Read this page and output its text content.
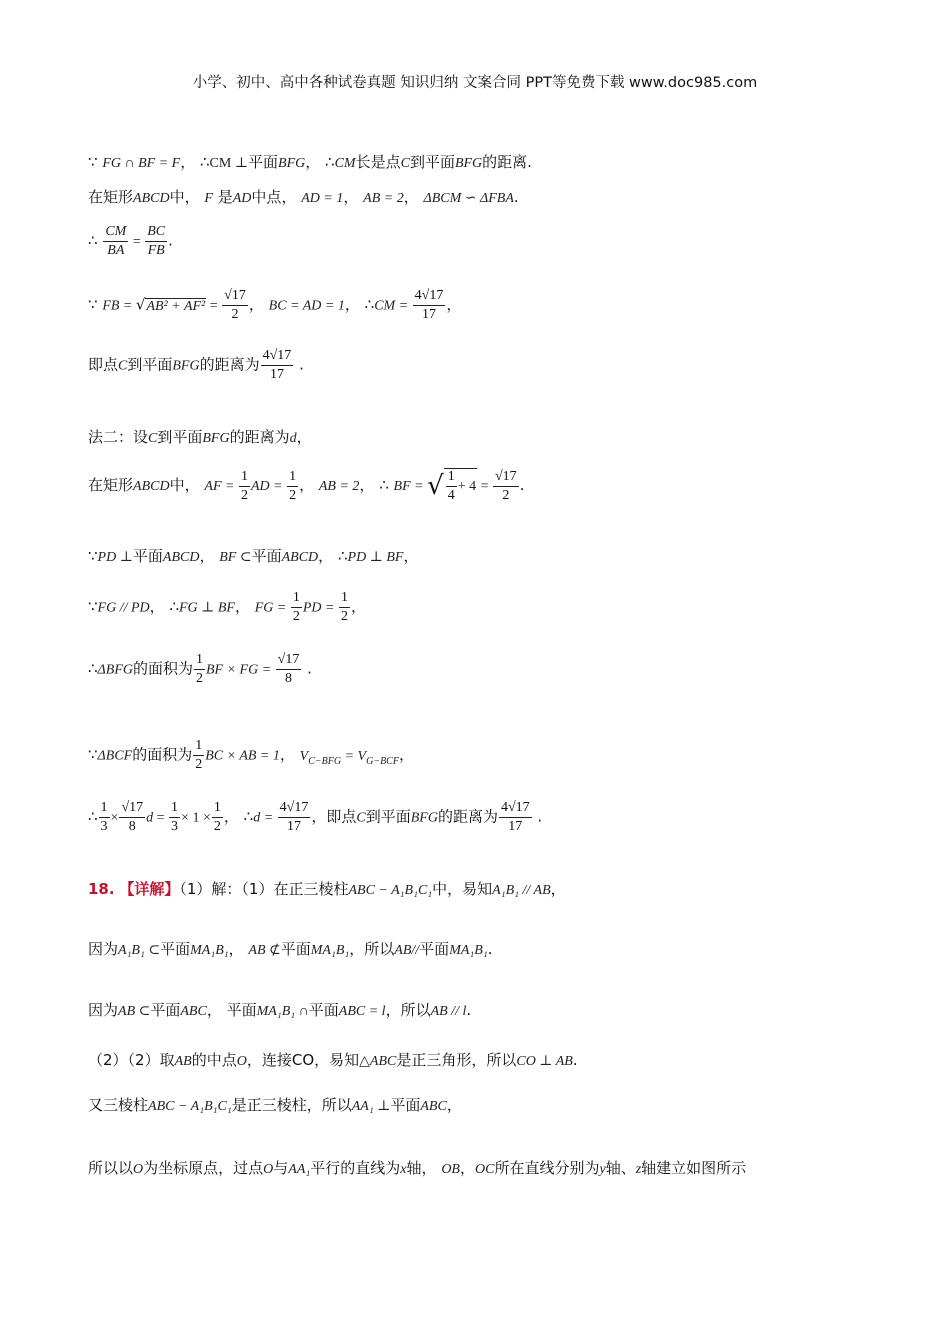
小学、初中、高中各种试卷真题 知识归纳 文案合同 PPT等免费下载 www.doc985.com
∵ FG ∩ BF = F， ∴CM ⊥平面BFG， ∴CM长是点C到平面BFG的距离.
在矩形ABCD中， F 是AD中点， AD = 1， AB = 2， ΔBCM ∽ ΔFBA.
∴ $\frac{CM}{BA} = \frac{BC}{FB}$ .
∵ FB = $√AB^2 + AF^2 = \frac{√17}{2}$ ， BC = AD = 1， ∴CM = $\frac{4√17}{17}$ ，
即点C到平面BFG的距离为 $\frac{4√17}{17}$ .
法二：设C到平面BFG的距离为d，
在矩形ABCD中， AF = $\frac{1}{2}$ AD = $\frac{1}{2}$ ， AB = 2， ∴ BF = √ $\frac{1}{4} + 4 = \frac{√17}{2}$ .
∵PD ⊥平面ABCD， BF ⊂平面ABCD， ∴PD ⊥ BF，
∵FG // PD， ∴FG ⊥ BF， FG = $\frac{1}{2}$ PD = $\frac{1}{2}$ ，
∴ΔBFG的面积为 $\frac{1}{2}$ BF × FG = $\frac{√17}{8}$ .
∵ΔBCF的面积为 $\frac{1}{2}$ BC × AB = 1， $V_{C-BFG} = V_{G-BCF}$，
∴ $\frac{1}{3} \times \frac{√17}{8}$ $d = \frac{1}{3} \times 1 \times \frac{1}{2}$ ， ∴d = $\frac{4√17}{17}$ ，即点C到平面BFG的距离为 $\frac{4√17}{17}$ .
18. 【详解】（1）解：（1）在正三棱柱ABC − A₁B₁C₁中，易知A₁B₁ // AB，
因为A₁B₁ ⊂平面MA₁B₁， AB ⊄平面MA₁B₁，所以AB//平面MA₁B₁.
因为AB ⊂平面ABC， 平面MA₁B₁ ∩平面ABC = l，所以AB // l.
（2）（2）取AB的中点O，连接CO，易知△ABC是正三角形，所以CO ⊥ AB.
又三棱柱ABC − A₁B₁C₁是正三棱柱，所以AA₁ ⊥平面ABC，
所以以O为坐标原点，过点O与AA₁平行的直线为x轴， OB，OC所在直线分别为y轴、z轴建立如图所示
